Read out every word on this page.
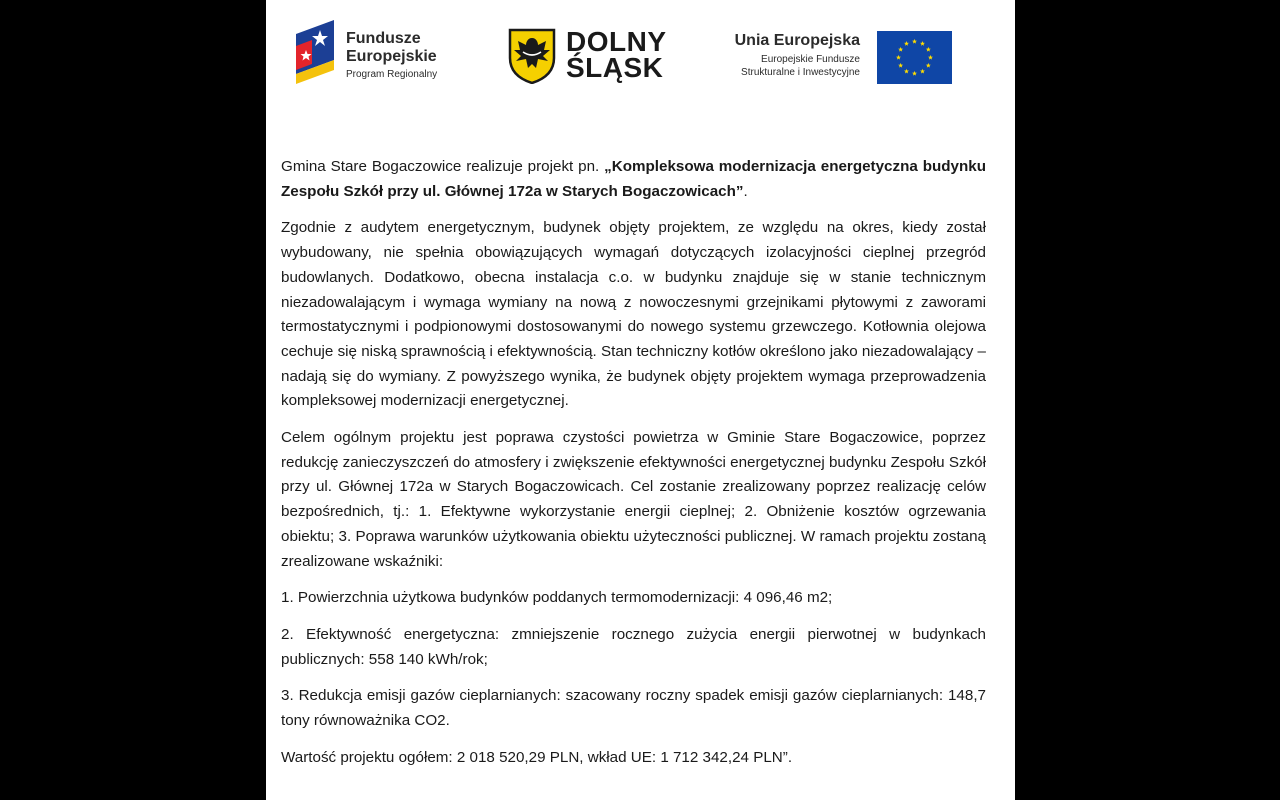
Fundusze
Europejskie
Program Regionalny
DOLNY
ŚLĄSK
Unia Europejska
Europejskie Fundusze
Strukturalne i Inwestycyjne

Gmina Stare Bogaczowice realizuje projekt pn. „Kompleksowa modernizacja energetyczna budynku Zespołu Szkół przy ul. Głównej 172a w Starych Bogaczowicach”.

Zgodnie z audytem energetycznym, budynek objęty projektem, ze względu na okres, kiedy został wybudowany, nie spełnia obowiązujących wymagań dotyczących izolacyjności cieplnej przegród budowlanych. Dodatkowo, obecna instalacja c.o. w budynku znajduje się w stanie technicznym niezadowalającym i wymaga wymiany na nową z nowoczesnymi grzejnikami płytowymi z zaworami termostatycznymi i podpionowymi dostosowanymi do nowego systemu grzewczego. Kotłownia olejowa cechuje się niską sprawnością i efektywnością. Stan techniczny kotłów określono jako niezadowalający – nadają się do wymiany. Z powyższego wynika, że budynek objęty projektem wymaga przeprowadzenia kompleksowej modernizacji energetycznej.

Celem ogólnym projektu jest poprawa czystości powietrza w Gminie Stare Bogaczowice, poprzez redukcję zanieczyszczeń do atmosfery i zwiększenie efektywności energetycznej budynku Zespołu Szkół przy ul. Głównej 172a w Starych Bogaczowicach. Cel zostanie zrealizowany poprzez realizację celów bezpośrednich, tj.: 1. Efektywne wykorzystanie energii cieplnej; 2. Obniżenie kosztów ogrzewania obiektu; 3. Poprawa warunków użytkowania obiektu użyteczności publicznej. W ramach projektu zostaną zrealizowane wskaźniki:

1. Powierzchnia użytkowa budynków poddanych termomodernizacji: 4 096,46 m2;

2. Efektywność energetyczna: zmniejszenie rocznego zużycia energii pierwotnej w budynkach publicznych: 558 140 kWh/rok;

3. Redukcja emisji gazów cieplarnianych: szacowany roczny spadek emisji gazów cieplarnianych: 148,7 tony równoważnika CO2.

Wartość projektu ogółem: 2 018 520,29 PLN, wkład UE: 1 712 342,24 PLN”.
